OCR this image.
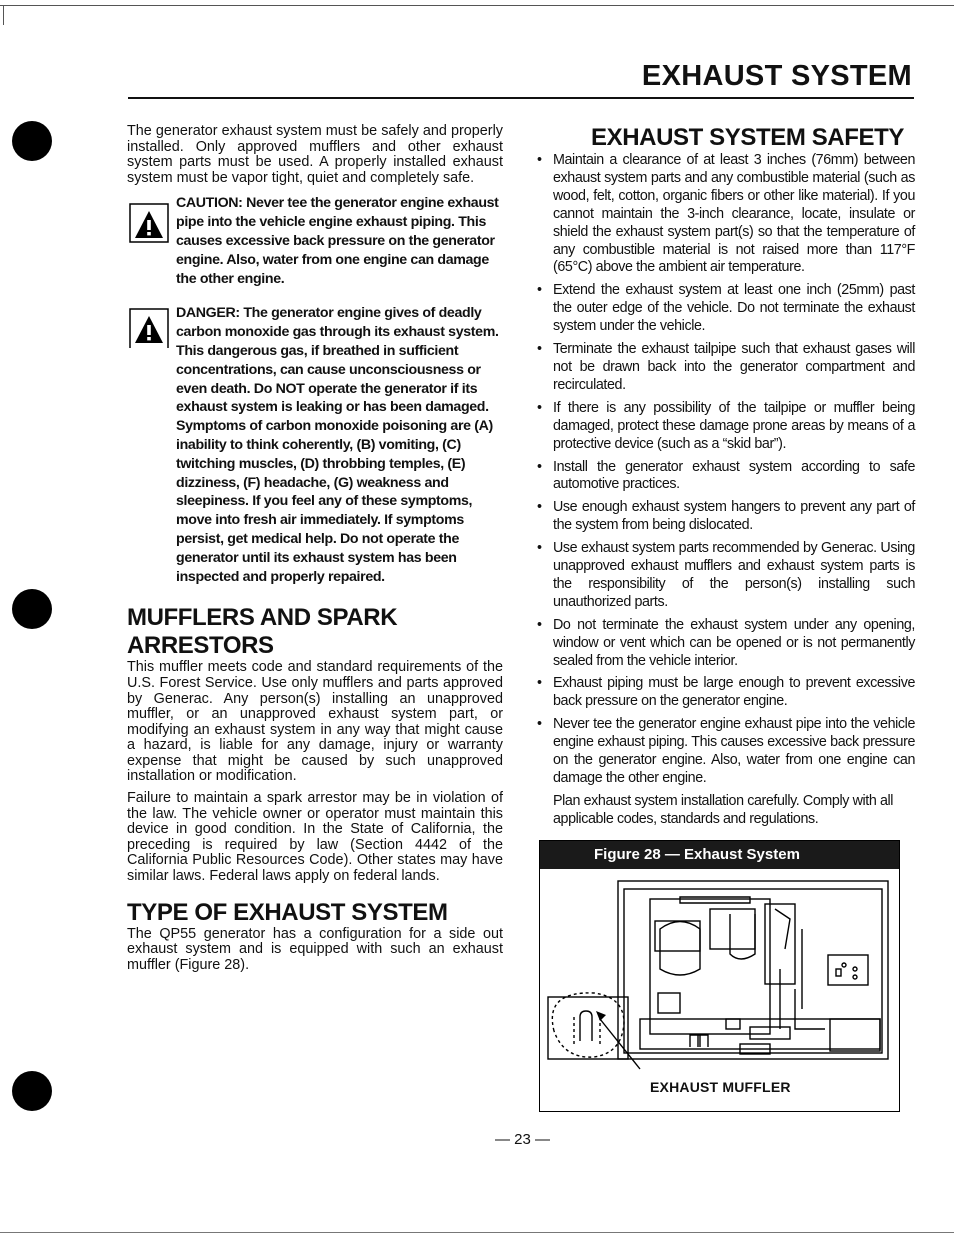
EXHAUST SYSTEM

The generator exhaust system must be safely and properly installed. Only approved mufflers and other exhaust system parts must be used. A properly installed exhaust system must be vapor tight, quiet and completely safe.

CAUTION: Never tee the generator engine exhaust pipe into the vehicle engine exhaust piping. This causes excessive back pressure on the generator engine. Also, water from one engine can damage the other engine.

DANGER: The generator engine gives of deadly carbon monoxide gas through its exhaust system. This dangerous gas, if breathed in sufficient concentrations, can cause unconsciousness or even death. Do NOT operate the generator if its exhaust system is leaking or has been damaged. Symptoms of carbon monoxide poisoning are (A) inability to think coherently, (B) vomiting, (C) twitching muscles, (D) throbbing temples, (E) dizziness, (F) headache, (G) weakness and sleepiness. If you feel any of these symptoms, move into fresh air immediately. If symptoms persist, get medical help. Do not operate the generator until its exhaust system has been inspected and properly repaired.

MUFFLERS AND SPARK ARRESTORS

This muffler meets code and standard requirements of the U.S. Forest Service. Use only mufflers and parts approved by Generac. Any person(s) installing an unapproved muffler, or an unapproved exhaust system part, or modifying an exhaust system in any way that might cause a hazard, is liable for any damage, injury or warranty expense that might be caused by such unapproved installation or modification.

Failure to maintain a spark arrestor may be in violation of the law. The vehicle owner or operator must maintain this device in good condition. In the State of California, the preceding is required by law (Section 4442 of the California Public Resources Code). Other states may have similar laws. Federal laws apply on federal lands.

TYPE OF EXHAUST SYSTEM

The QP55 generator has a configuration for a side out exhaust system and is equipped with such an exhaust muffler (Figure 28).

EXHAUST SYSTEM SAFETY
• Maintain a clearance of at least 3 inches (76mm) between exhaust system parts and any combustible material (such as wood, felt, cotton, organic fibers or other like material). If you cannot maintain the 3-inch clearance, locate, insulate or shield the exhaust system part(s) so that the temperature of any combustible material is not raised more than 117°F (65°C) above the ambient air temperature.
• Extend the exhaust system at least one inch (25mm) past the outer edge of the vehicle. Do not terminate the exhaust system under the vehicle.
• Terminate the exhaust tailpipe such that exhaust gases will not be drawn back into the generator compartment and recirculated.
• If there is any possibility of the tailpipe or muffler being damaged, protect these damage prone areas by means of a protective device (such as a “skid bar”).
• Install the generator exhaust system according to safe automotive practices.
• Use enough exhaust system hangers to prevent any part of the system from being dislocated.
• Use exhaust system parts recommended by Generac. Using unapproved exhaust mufflers and exhaust system parts is the responsibility of the person(s) installing such unauthorized parts.
• Do not terminate the exhaust system under any opening, window or vent which can be opened or is not permanently sealed from the vehicle interior.
• Exhaust piping must be large enough to prevent excessive back pressure on the generator engine.
• Never tee the generator engine exhaust pipe into the vehicle engine exhaust piping. This causes excessive back pressure on the generator engine. Also, water from one engine can damage the other engine.

Plan exhaust system installation carefully. Comply with all applicable codes, standards and regulations.

Figure 28 — Exhaust System

EXHAUST MUFFLER
— 23 —
